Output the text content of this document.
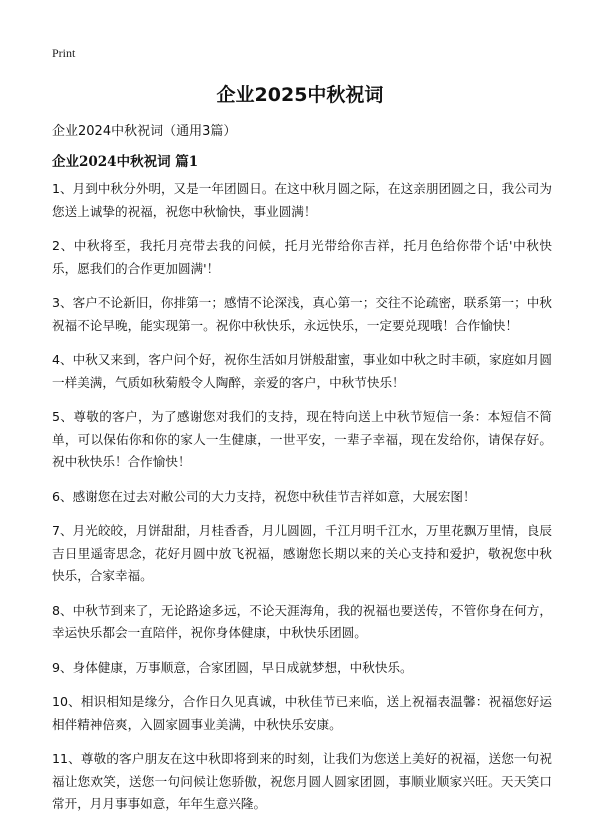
Print
企业2025中秋祝词
企业2024中秋祝词（通用3篇）
企业2024中秋祝词 篇1

1、月到中秋分外明，又是一年团圆日。在这中秋月圆之际，在这亲朋团圆之日，我公司为您送上诚挚的祝福，祝您中秋愉快，事业圆满！

2、中秋将至，我托月亮带去我的问候，托月光带给你吉祥，托月色给你带个话'中秋快乐，愿我们的合作更加圆满'！

3、客户不论新旧，你排第一；感情不论深浅，真心第一；交往不论疏密，联系第一；中秋祝福不论早晚，能实现第一。祝你中秋快乐，永远快乐，一定要兑现哦！合作愉快！

4、中秋又来到，客户问个好，祝你生活如月饼般甜蜜，事业如中秋之时丰硕，家庭如月圆一样美满，气质如秋菊般令人陶醉，亲爱的客户，中秋节快乐！

5、尊敬的客户，为了感谢您对我们的支持，现在特向送上中秋节短信一条：本短信不简单，可以保佑你和你的家人一生健康，一世平安，一辈子幸福，现在发给你，请保存好。祝中秋快乐！合作愉快！

6、感谢您在过去对敝公司的大力支持，祝您中秋佳节吉祥如意，大展宏图！

7、月光皎皎，月饼甜甜，月桂香香，月儿圆圆，千江月明千江水，万里花飘万里情，良辰吉日里遥寄思念，花好月圆中放飞祝福，感谢您长期以来的关心支持和爱护，敬祝您中秋快乐，合家幸福。

8、中秋节到来了，无论路途多远，不论天涯海角，我的祝福也要送传，不管你身在何方，幸运快乐都会一直陪伴，祝你身体健康，中秋快乐团圆。

9、身体健康，万事顺意，合家团圆，早日成就梦想，中秋快乐。

10、相识相知是缘分，合作日久见真诚，中秋佳节已来临，送上祝福表温馨：祝福您好运相伴精神倍爽，入圆家圆事业美满，中秋快乐安康。

11、尊敬的客户朋友在这中秋即将到来的时刻，让我们为您送上美好的祝福，送您一句祝福让您欢笑，送您一句问候让您骄傲，祝您月圆人圆家团圆，事顺业顺家兴旺。天天笑口常开，月月事事如意，年年生意兴隆。
